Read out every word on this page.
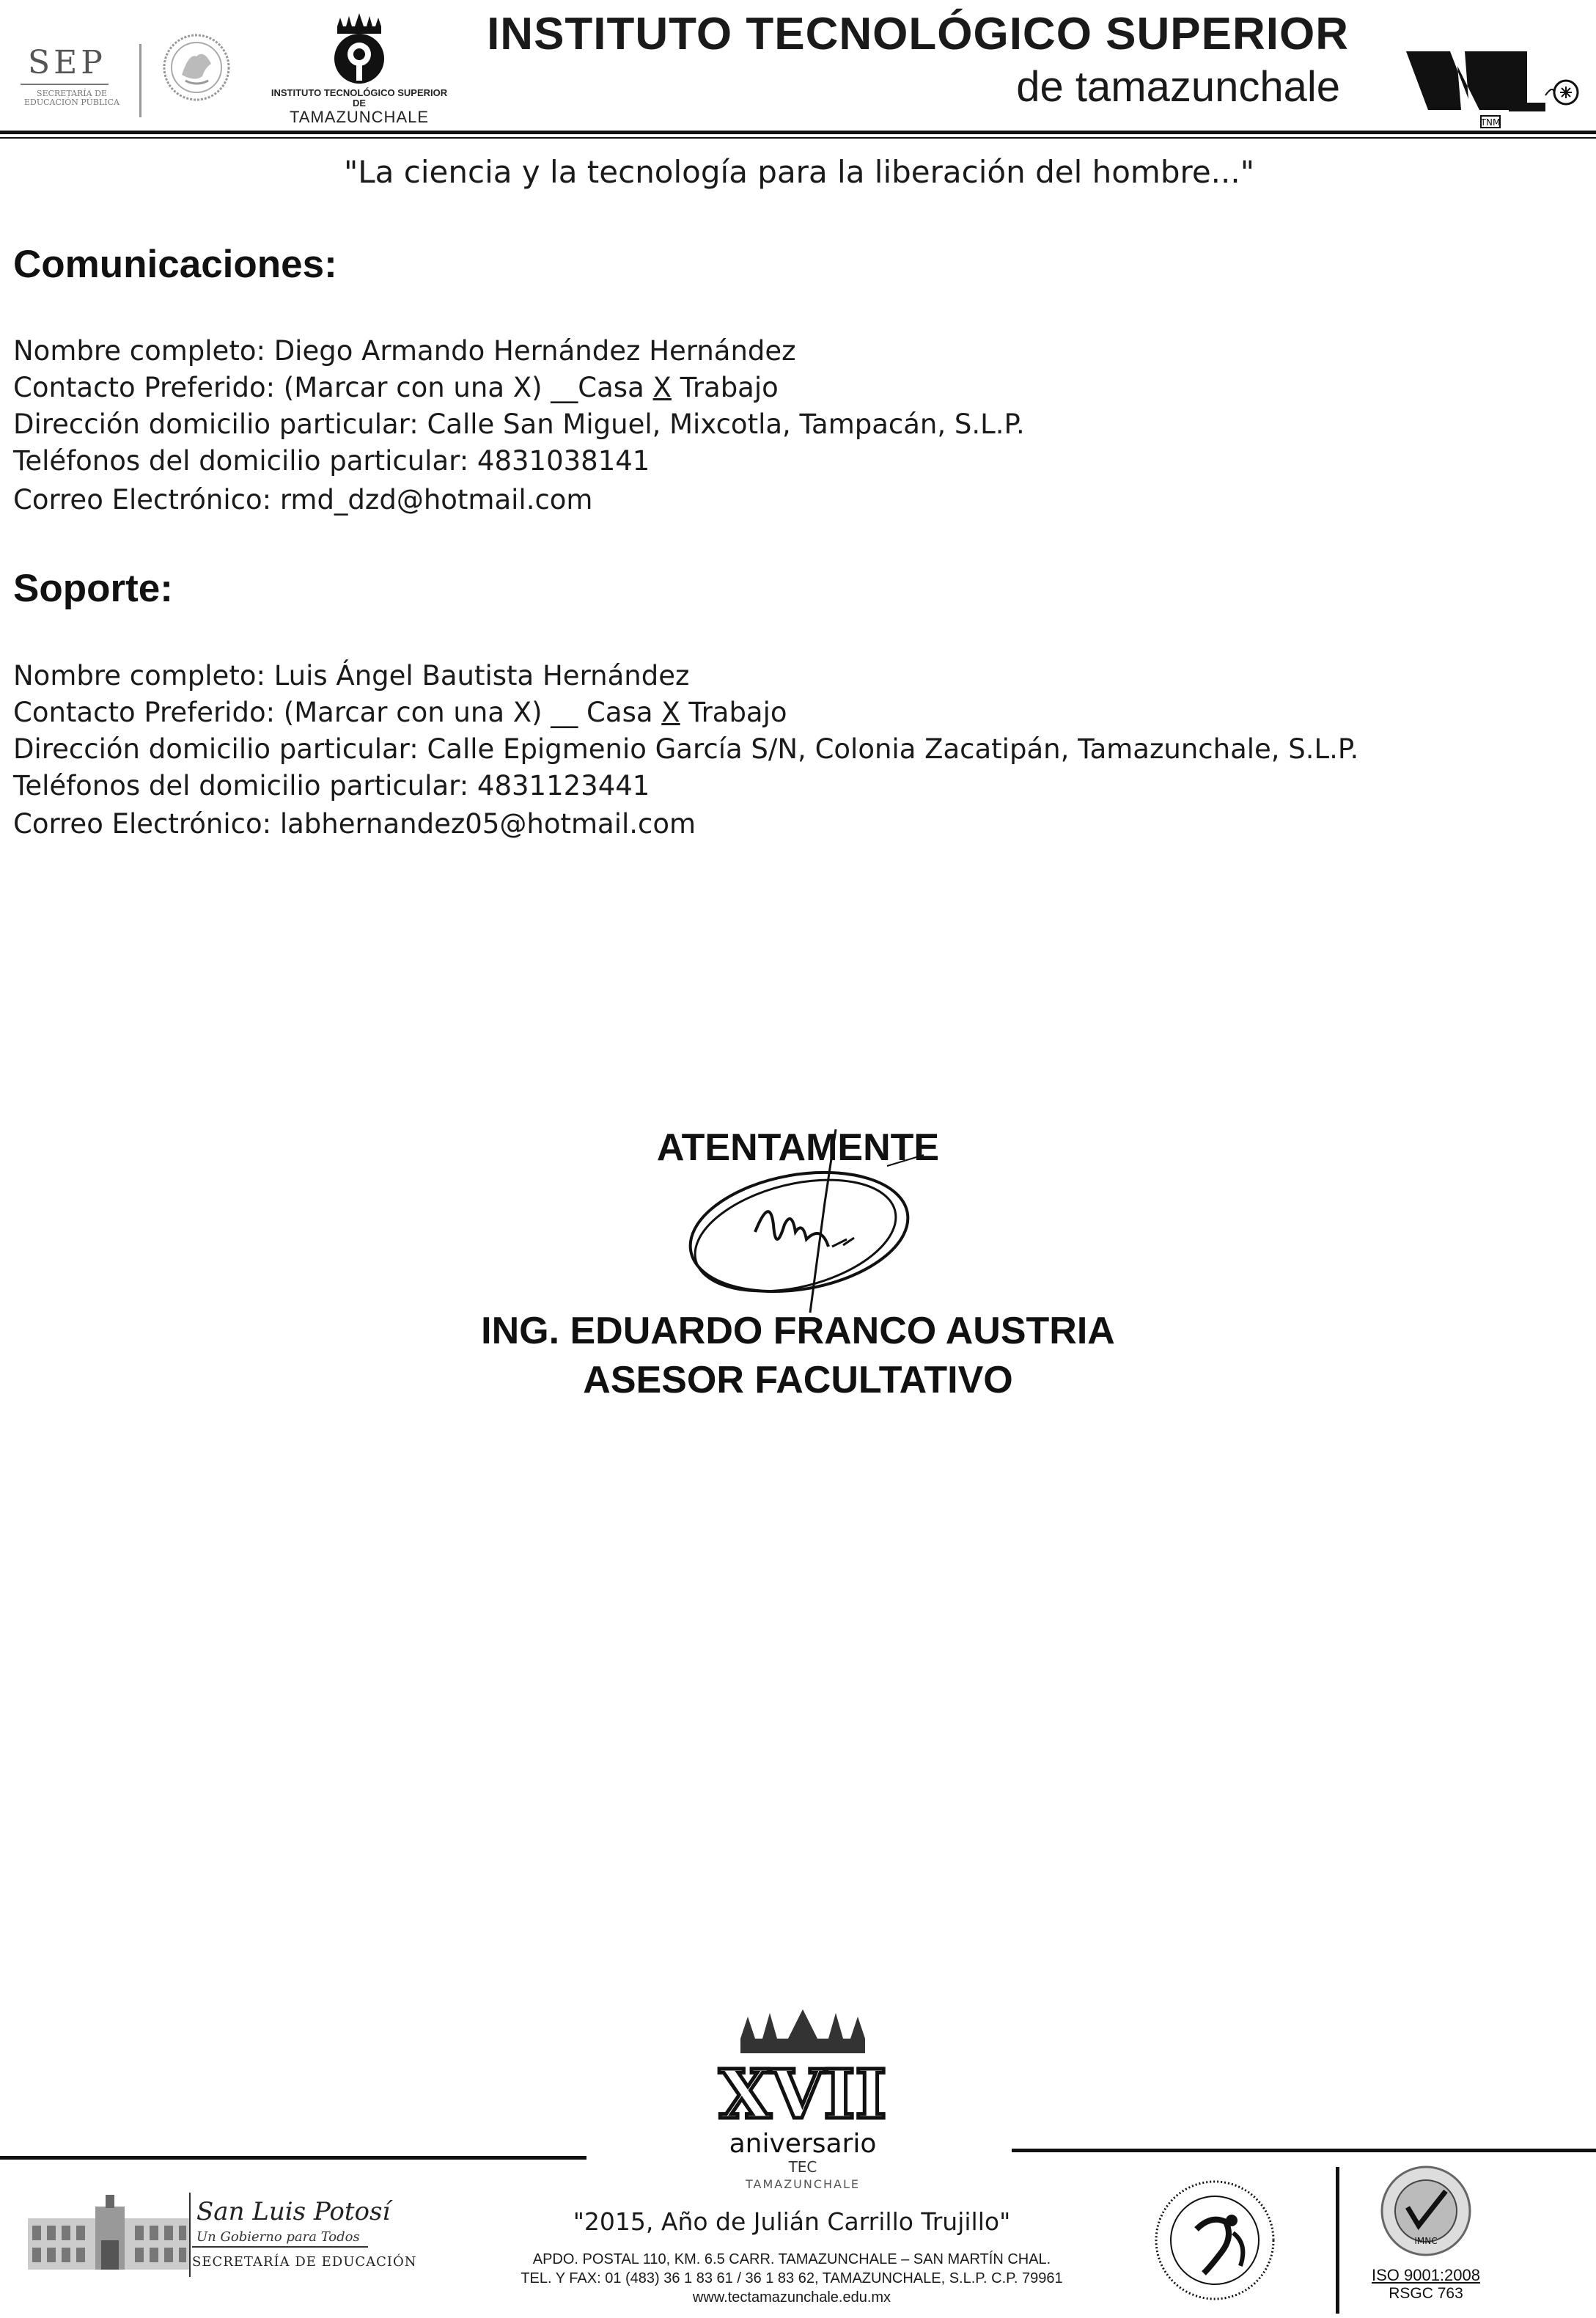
SEP
SECRETARÍA DE EDUCACIÓN PÚBLICA
INSTITUTO TECNOLÓGICO SUPERIOR DE
TAMAZUNCHALE
INSTITUTO TECNOLÓGICO SUPERIOR
de tamazunchale
TNM
"La ciencia y la tecnología para la liberación del hombre..."
Comunicaciones:
Nombre completo: Diego Armando Hernández Hernández
Contacto Preferido: (Marcar con una X) __Casa X Trabajo
Dirección domicilio particular: Calle San Miguel, Mixcotla, Tampacán, S.L.P.
Teléfonos del domicilio particular: 4831038141
Correo Electrónico: rmd_dzd@hotmail.com
Soporte:
Nombre completo: Luis Ángel Bautista Hernández
Contacto Preferido: (Marcar con una X) __ Casa X Trabajo
Dirección domicilio particular: Calle Epigmenio García S/N, Colonia Zacatipán, Tamazunchale, S.L.P.
Teléfonos del domicilio particular: 4831123441
Correo Electrónico: labhernandez05@hotmail.com
ATENTAMENTE
ING. EDUARDO FRANCO AUSTRIA
ASESOR FACULTATIVO
XVII
aniversario
TEC
TAMAZUNCHALE
San Luis Potosí
Un Gobierno para Todos
SECRETARÍA DE EDUCACIÓN
"2015, Año de Julián Carrillo Trujillo"
APDO. POSTAL 110, KM. 6.5 CARR. TAMAZUNCHALE – SAN MARTÍN CHAL.
TEL. Y FAX: 01 (483) 36 1 83 61 / 36 1 83 62, TAMAZUNCHALE, S.L.P. C.P. 79961
www.tectamazunchale.edu.mx
IMNC
ISO 9001:2008
RSGC 763
